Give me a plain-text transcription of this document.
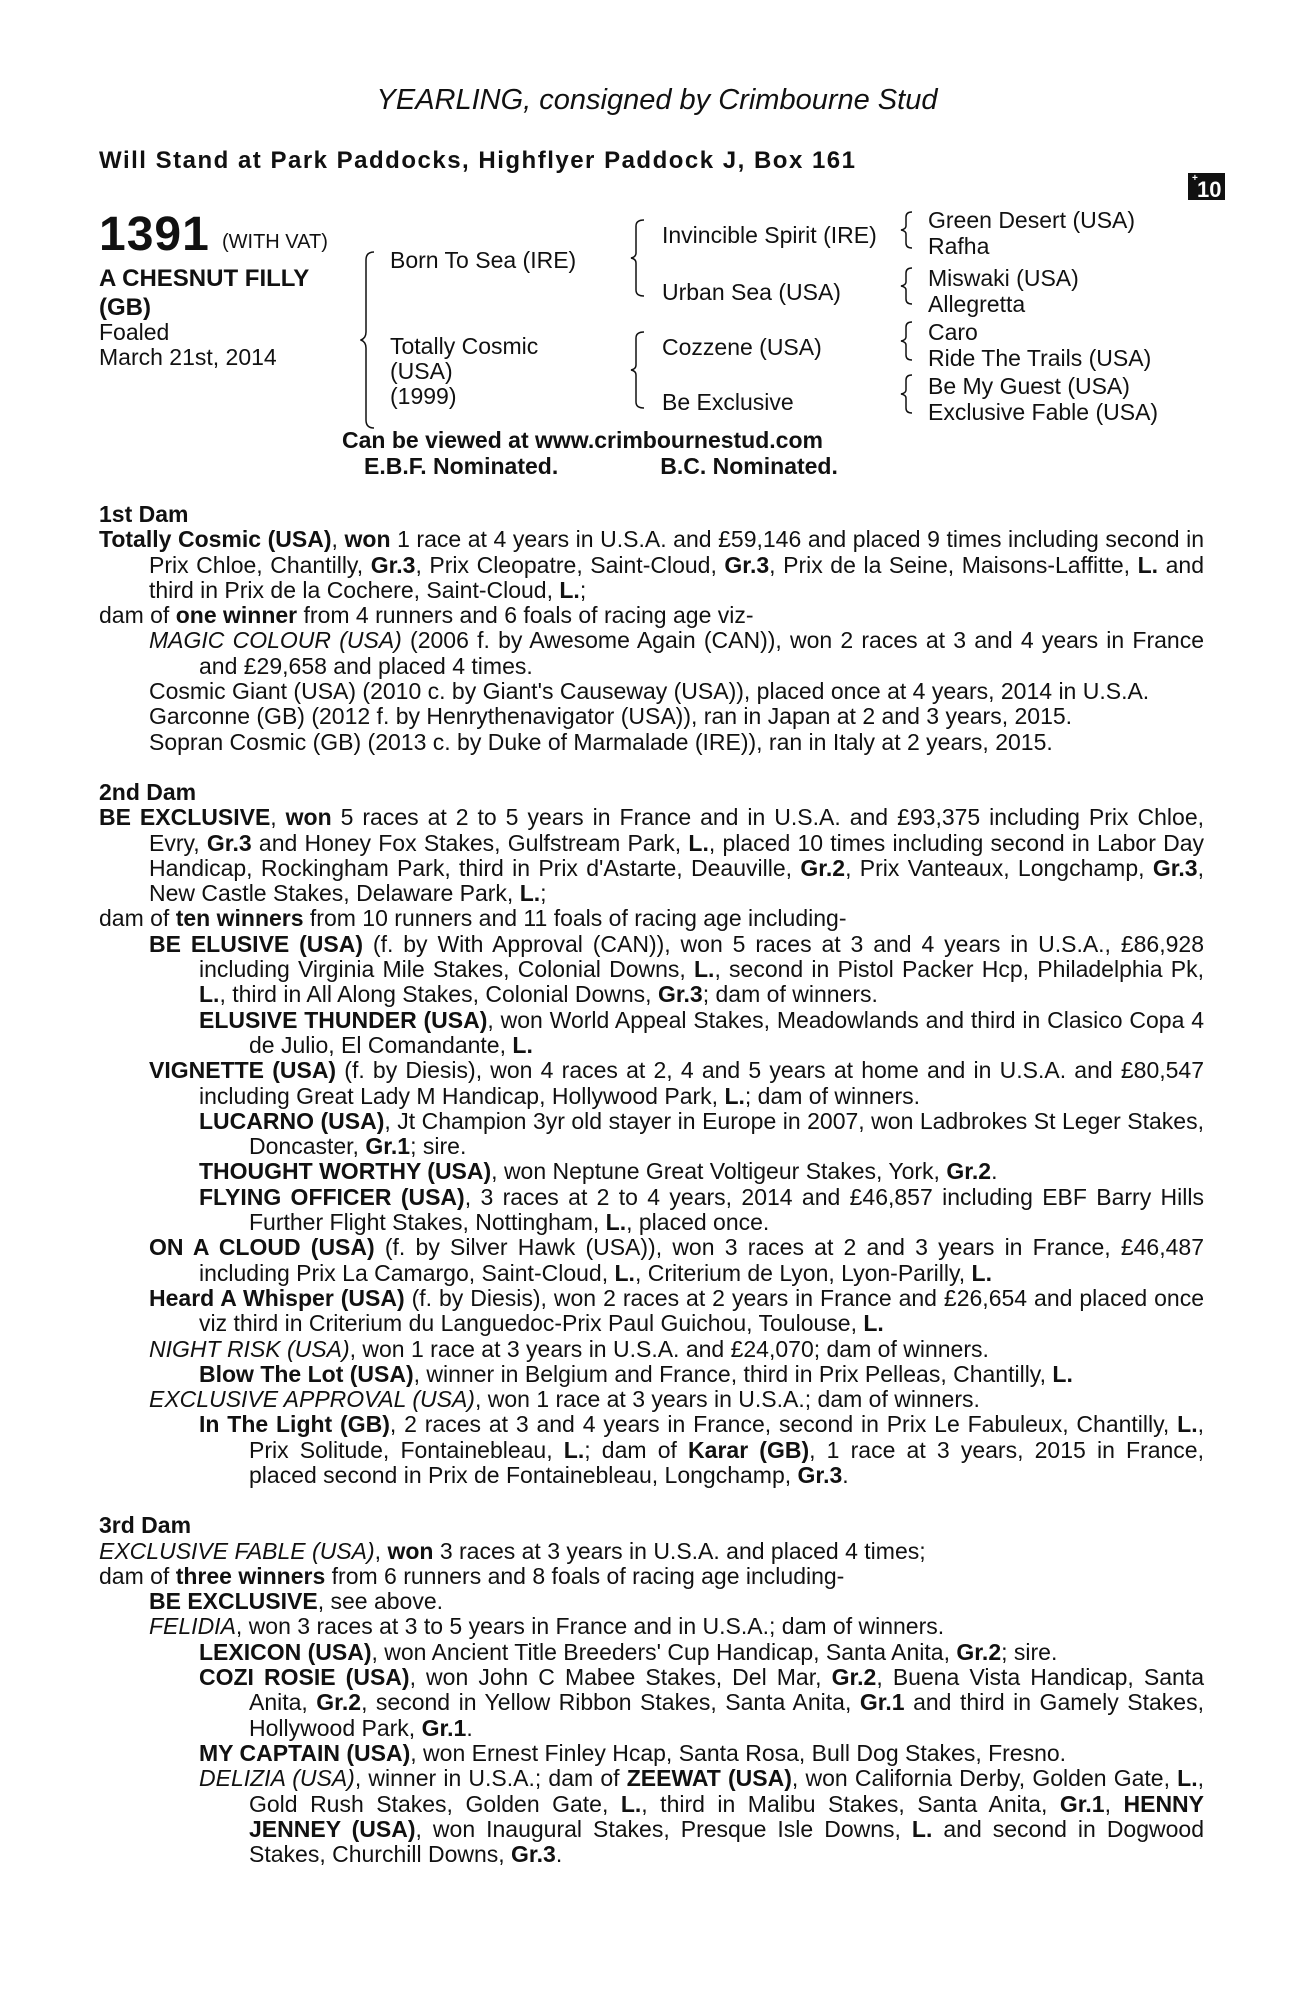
YEARLING, consigned by Crimbourne Stud
Will Stand at Park Paddocks, Highflyer Paddock J, Box 161
+ 10
1391 (WITH VAT)
A CHESNUT FILLY
(GB)
Foaled
March 21st, 2014
Born To Sea (IRE)
Totally Cosmic
(USA)
(1999)
Invincible Spirit (IRE)
Urban Sea (USA)
Cozzene (USA)
Be Exclusive
Green Desert (USA)
Rafha
Miswaki (USA)
Allegretta
Caro
Ride The Trails (USA)
Be My Guest (USA)
Exclusive Fable (USA)
Can be viewed at www.crimbournestud.com
E.B.F. Nominated.	B.C. Nominated.
1st Dam
Totally Cosmic (USA), won 1 race at 4 years in U.S.A. and £59,146 and placed 9 times including second in Prix Chloe, Chantilly, Gr.3, Prix Cleopatre, Saint-Cloud, Gr.3, Prix de la Seine, Maisons-Laffitte, L. and third in Prix de la Cochere, Saint-Cloud, L.;
dam of one winner from 4 runners and 6 foals of racing age viz-
MAGIC COLOUR (USA) (2006 f. by Awesome Again (CAN)), won 2 races at 3 and 4 years in France and £29,658 and placed 4 times.
Cosmic Giant (USA) (2010 c. by Giant's Causeway (USA)), placed once at 4 years, 2014 in U.S.A.
Garconne (GB) (2012 f. by Henrythenavigator (USA)), ran in Japan at 2 and 3 years, 2015.
Sopran Cosmic (GB) (2013 c. by Duke of Marmalade (IRE)), ran in Italy at 2 years, 2015.
2nd Dam
BE EXCLUSIVE, won 5 races at 2 to 5 years in France and in U.S.A. and £93,375 including Prix Chloe, Evry, Gr.3 and Honey Fox Stakes, Gulfstream Park, L., placed 10 times including second in Labor Day Handicap, Rockingham Park, third in Prix d'Astarte, Deauville, Gr.2, Prix Vanteaux, Longchamp, Gr.3, New Castle Stakes, Delaware Park, L.;
dam of ten winners from 10 runners and 11 foals of racing age including-
BE ELUSIVE (USA) (f. by With Approval (CAN)), won 5 races at 3 and 4 years in U.S.A., £86,928 including Virginia Mile Stakes, Colonial Downs, L., second in Pistol Packer Hcp, Philadelphia Pk, L., third in All Along Stakes, Colonial Downs, Gr.3; dam of winners.
ELUSIVE THUNDER (USA), won World Appeal Stakes, Meadowlands and third in Clasico Copa 4 de Julio, El Comandante, L.
VIGNETTE (USA) (f. by Diesis), won 4 races at 2, 4 and 5 years at home and in U.S.A. and £80,547 including Great Lady M Handicap, Hollywood Park, L.; dam of winners.
LUCARNO (USA), Jt Champion 3yr old stayer in Europe in 2007, won Ladbrokes St Leger Stakes, Doncaster, Gr.1; sire.
THOUGHT WORTHY (USA), won Neptune Great Voltigeur Stakes, York, Gr.2.
FLYING OFFICER (USA), 3 races at 2 to 4 years, 2014 and £46,857 including EBF Barry Hills Further Flight Stakes, Nottingham, L., placed once.
ON A CLOUD (USA) (f. by Silver Hawk (USA)), won 3 races at 2 and 3 years in France, £46,487 including Prix La Camargo, Saint-Cloud, L., Criterium de Lyon, Lyon-Parilly, L.
Heard A Whisper (USA) (f. by Diesis), won 2 races at 2 years in France and £26,654 and placed once viz third in Criterium du Languedoc-Prix Paul Guichou, Toulouse, L.
NIGHT RISK (USA), won 1 race at 3 years in U.S.A. and £24,070; dam of winners.
Blow The Lot (USA), winner in Belgium and France, third in Prix Pelleas, Chantilly, L.
EXCLUSIVE APPROVAL (USA), won 1 race at 3 years in U.S.A.; dam of winners.
In The Light (GB), 2 races at 3 and 4 years in France, second in Prix Le Fabuleux, Chantilly, L., Prix Solitude, Fontainebleau, L.; dam of Karar (GB), 1 race at 3 years, 2015 in France, placed second in Prix de Fontainebleau, Longchamp, Gr.3.
3rd Dam
EXCLUSIVE FABLE (USA), won 3 races at 3 years in U.S.A. and placed 4 times;
dam of three winners from 6 runners and 8 foals of racing age including-
BE EXCLUSIVE, see above.
FELIDIA, won 3 races at 3 to 5 years in France and in U.S.A.; dam of winners.
LEXICON (USA), won Ancient Title Breeders' Cup Handicap, Santa Anita, Gr.2; sire.
COZI ROSIE (USA), won John C Mabee Stakes, Del Mar, Gr.2, Buena Vista Handicap, Santa Anita, Gr.2, second in Yellow Ribbon Stakes, Santa Anita, Gr.1 and third in Gamely Stakes, Hollywood Park, Gr.1.
MY CAPTAIN (USA), won Ernest Finley Hcap, Santa Rosa, Bull Dog Stakes, Fresno.
DELIZIA (USA), winner in U.S.A.; dam of ZEEWAT (USA), won California Derby, Golden Gate, L., Gold Rush Stakes, Golden Gate, L., third in Malibu Stakes, Santa Anita, Gr.1, HENNY JENNEY (USA), won Inaugural Stakes, Presque Isle Downs, L. and second in Dogwood Stakes, Churchill Downs, Gr.3.
